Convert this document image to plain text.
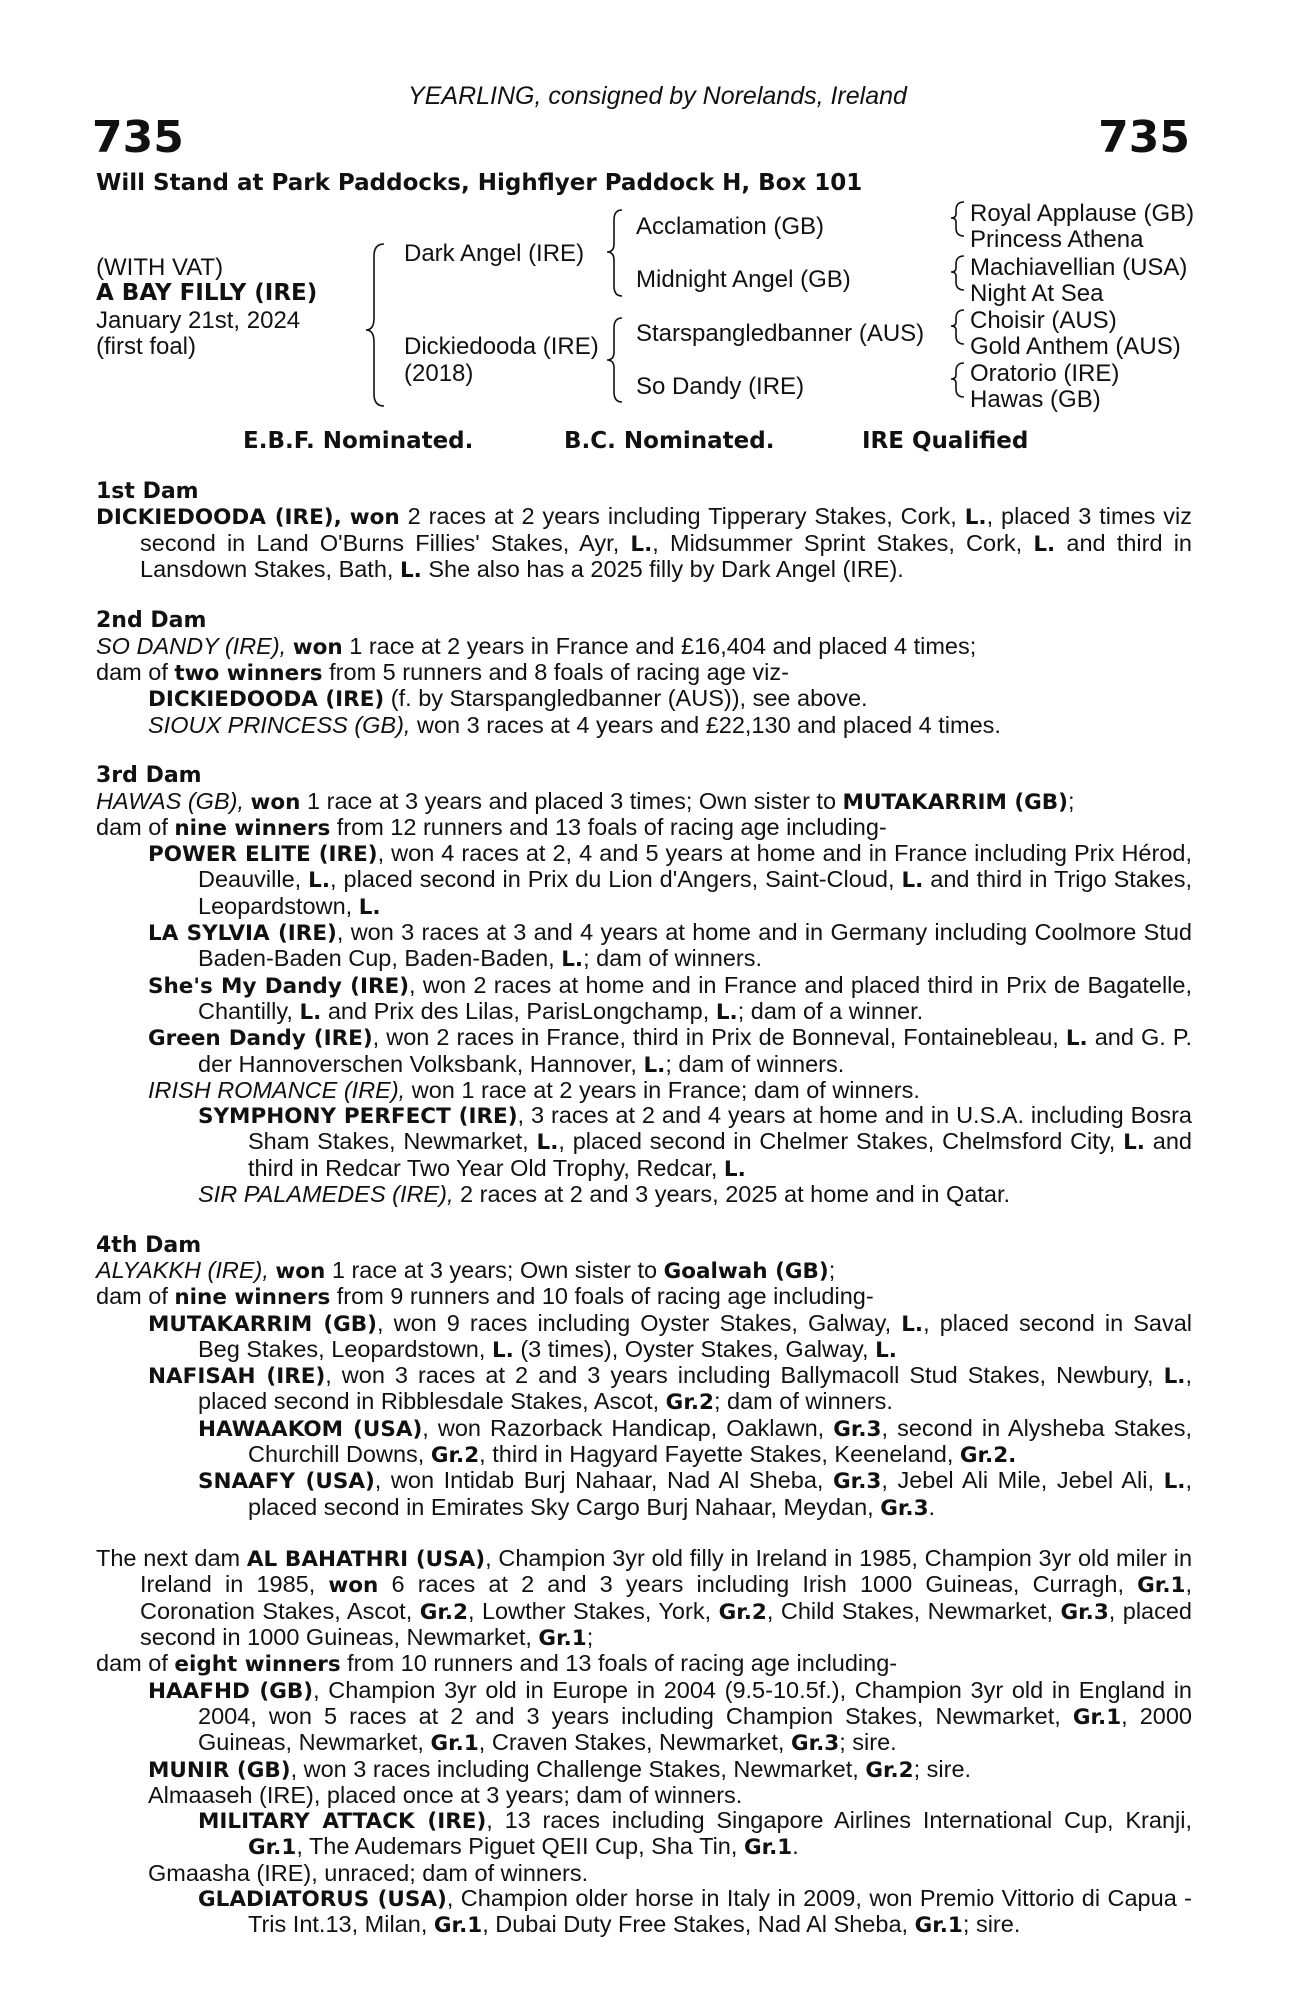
YEARLING, consigned by Norelands, Ireland
735	735
Will Stand at Park Paddocks, Highflyer Paddock H, Box 101
(WITH VAT)
A BAY FILLY (IRE)
January 21st, 2024
(first foal)
Dark Angel (IRE)
Dickiedooda (IRE)
(2018)
Acclamation (GB)
Midnight Angel (GB)
Starspangledbanner (AUS)
So Dandy (IRE)
Royal Applause (GB)
Princess Athena
Machiavellian (USA)
Night At Sea
Choisir (AUS)
Gold Anthem (AUS)
Oratorio (IRE)
Hawas (GB)
E.B.F. Nominated.	B.C. Nominated.	IRE Qualified

1st Dam

DICKIEDOODA (IRE), won 2 races at 2 years including Tipperary Stakes, Cork, L., placed 3 times viz second in Land O'Burns Fillies' Stakes, Ayr, L., Midsummer Sprint Stakes, Cork, L. and third in Lansdown Stakes, Bath, L. She also has a 2025 filly by Dark Angel (IRE).

2nd Dam

SO DANDY (IRE), won 1 race at 2 years in France and £16,404 and placed 4 times;

dam of two winners from 5 runners and 8 foals of racing age viz-

DICKIEDOODA (IRE) (f. by Starspangledbanner (AUS)), see above.

SIOUX PRINCESS (GB), won 3 races at 4 years and £22,130 and placed 4 times.

3rd Dam

HAWAS (GB), won 1 race at 3 years and placed 3 times; Own sister to MUTAKARRIM (GB);

dam of nine winners from 12 runners and 13 foals of racing age including-

POWER ELITE (IRE), won 4 races at 2, 4 and 5 years at home and in France including Prix Hérod, Deauville, L., placed second in Prix du Lion d'Angers, Saint-Cloud, L. and third in Trigo Stakes, Leopardstown, L.

LA SYLVIA (IRE), won 3 races at 3 and 4 years at home and in Germany including Coolmore Stud Baden-Baden Cup, Baden-Baden, L.; dam of winners.

She's My Dandy (IRE), won 2 races at home and in France and placed third in Prix de Bagatelle, Chantilly, L. and Prix des Lilas, ParisLongchamp, L.; dam of a winner.

Green Dandy (IRE), won 2 races in France, third in Prix de Bonneval, Fontainebleau, L. and G. P. der Hannoverschen Volksbank, Hannover, L.; dam of winners.

IRISH ROMANCE (IRE), won 1 race at 2 years in France; dam of winners.

SYMPHONY PERFECT (IRE), 3 races at 2 and 4 years at home and in U.S.A. including Bosra Sham Stakes, Newmarket, L., placed second in Chelmer Stakes, Chelmsford City, L. and third in Redcar Two Year Old Trophy, Redcar, L.

SIR PALAMEDES (IRE), 2 races at 2 and 3 years, 2025 at home and in Qatar.

4th Dam

ALYAKKH (IRE), won 1 race at 3 years; Own sister to Goalwah (GB);

dam of nine winners from 9 runners and 10 foals of racing age including-

MUTAKARRIM (GB), won 9 races including Oyster Stakes, Galway, L., placed second in Saval Beg Stakes, Leopardstown, L. (3 times), Oyster Stakes, Galway, L.

NAFISAH (IRE), won 3 races at 2 and 3 years including Ballymacoll Stud Stakes, Newbury, L., placed second in Ribblesdale Stakes, Ascot, Gr.2; dam of winners.

HAWAAKOM (USA), won Razorback Handicap, Oaklawn, Gr.3, second in Alysheba Stakes, Churchill Downs, Gr.2, third in Hagyard Fayette Stakes, Keeneland, Gr.2.

SNAAFY (USA), won Intidab Burj Nahaar, Nad Al Sheba, Gr.3, Jebel Ali Mile, Jebel Ali, L., placed second in Emirates Sky Cargo Burj Nahaar, Meydan, Gr.3.

The next dam AL BAHATHRI (USA), Champion 3yr old filly in Ireland in 1985, Champion 3yr old miler in Ireland in 1985, won 6 races at 2 and 3 years including Irish 1000 Guineas, Curragh, Gr.1, Coronation Stakes, Ascot, Gr.2, Lowther Stakes, York, Gr.2, Child Stakes, Newmarket, Gr.3, placed second in 1000 Guineas, Newmarket, Gr.1;

dam of eight winners from 10 runners and 13 foals of racing age including-

HAAFHD (GB), Champion 3yr old in Europe in 2004 (9.5-10.5f.), Champion 3yr old in England in 2004, won 5 races at 2 and 3 years including Champion Stakes, Newmarket, Gr.1, 2000 Guineas, Newmarket, Gr.1, Craven Stakes, Newmarket, Gr.3; sire.

MUNIR (GB), won 3 races including Challenge Stakes, Newmarket, Gr.2; sire.

Almaaseh (IRE), placed once at 3 years; dam of winners.

MILITARY ATTACK (IRE), 13 races including Singapore Airlines International Cup, Kranji, Gr.1, The Audemars Piguet QEII Cup, Sha Tin, Gr.1.

Gmaasha (IRE), unraced; dam of winners.

GLADIATORUS (USA), Champion older horse in Italy in 2009, won Premio Vittorio di Capua - Tris Int.13, Milan, Gr.1, Dubai Duty Free Stakes, Nad Al Sheba, Gr.1; sire.
